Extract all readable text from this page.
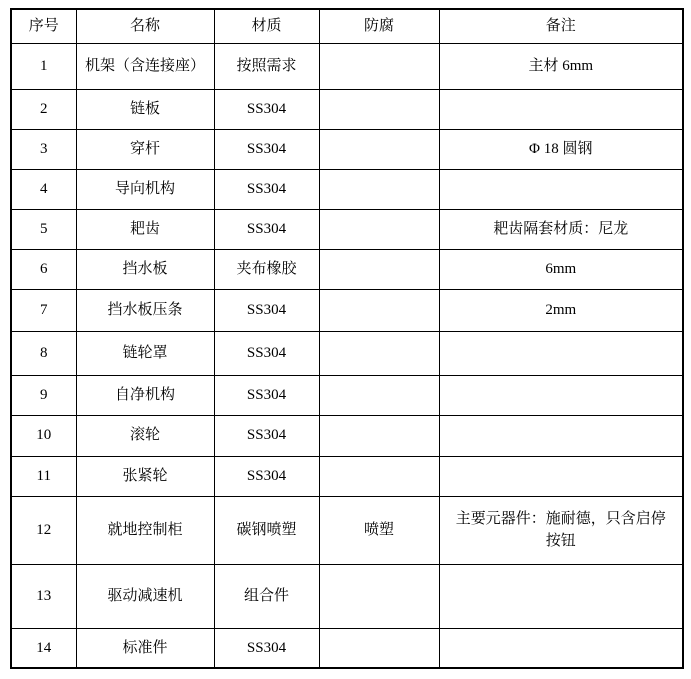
序号	名称	材质	防腐	备注
1	机架（含连接座）	按照需求		主材 6mm
2	链板	SS304		
3	穿杆	SS304		Φ 18 圆钢
4	导向机构	SS304		
5	耙齿	SS304		耙齿隔套材质：尼龙
6	挡水板	夹布橡胶		6mm
7	挡水板压条	SS304		2mm
8	链轮罩	SS304		
9	自净机构	SS304		
10	滚轮	SS304		
11	张紧轮	SS304		
12	就地控制柜	碳钢喷塑	喷塑	主要元器件：施耐德，只含启停按钮
13	驱动减速机	组合件		
14	标准件	SS304		
